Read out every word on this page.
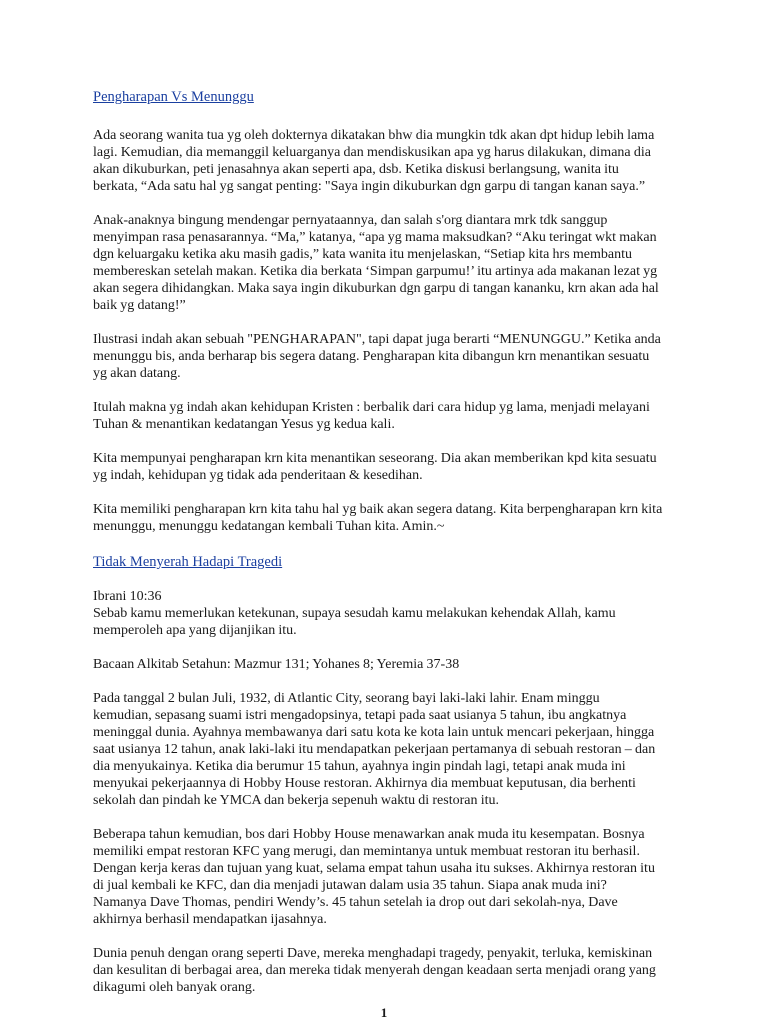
Pengharapan Vs Menunggu

Ada seorang wanita tua yg oleh dokternya dikatakan bhw dia mungkin tdk akan dpt hidup lebih lama
lagi. Kemudian, dia memanggil keluarganya dan mendiskusikan apa yg harus dilakukan, dimana dia
akan dikuburkan, peti jenasahnya akan seperti apa, dsb. Ketika diskusi berlangsung, wanita itu
berkata, “Ada satu hal yg sangat penting: "Saya ingin dikuburkan dgn garpu di tangan kanan saya.”

Anak-anaknya bingung mendengar pernyataannya, dan salah s'org diantara mrk tdk sanggup
menyimpan rasa penasarannya. “Ma,” katanya, “apa yg mama maksudkan? “Aku teringat wkt makan
dgn keluargaku ketika aku masih gadis,” kata wanita itu menjelaskan, “Setiap kita hrs membantu
membereskan setelah makan. Ketika dia berkata ‘Simpan garpumu!’ itu artinya ada makanan lezat yg
akan segera dihidangkan. Maka saya ingin dikuburkan dgn garpu di tangan kananku, krn akan ada hal
baik yg datang!”

Ilustrasi indah akan sebuah "PENGHARAPAN", tapi dapat juga berarti “MENUNGGU.” Ketika anda
menunggu bis, anda berharap bis segera datang. Pengharapan kita dibangun krn menantikan sesuatu
yg akan datang.

Itulah makna yg indah akan kehidupan Kristen : berbalik dari cara hidup yg lama, menjadi melayani
Tuhan & menantikan kedatangan Yesus yg kedua kali.

Kita mempunyai pengharapan krn kita menantikan seseorang. Dia akan memberikan kpd kita sesuatu
yg indah, kehidupan yg tidak ada penderitaan & kesedihan.

Kita memiliki pengharapan krn kita tahu hal yg baik akan segera datang. Kita berpengharapan krn kita
menunggu, menunggu kedatangan kembali Tuhan kita. Amin.~

Tidak Menyerah Hadapi Tragedi

Ibrani 10:36
Sebab kamu memerlukan ketekunan, supaya sesudah kamu melakukan kehendak Allah, kamu
memperoleh apa yang dijanjikan itu.

Bacaan Alkitab Setahun: Mazmur 131; Yohanes 8; Yeremia 37-38

Pada tanggal 2 bulan Juli, 1932, di Atlantic City, seorang bayi laki-laki lahir. Enam minggu
kemudian, sepasang suami istri mengadopsinya, tetapi pada saat usianya 5 tahun, ibu angkatnya
meninggal dunia. Ayahnya membawanya dari satu kota ke kota lain untuk mencari pekerjaan, hingga
saat usianya 12 tahun, anak laki-laki itu mendapatkan pekerjaan pertamanya di sebuah restoran – dan
dia menyukainya. Ketika dia berumur 15 tahun, ayahnya ingin pindah lagi, tetapi anak muda ini
menyukai pekerjaannya di Hobby House restoran. Akhirnya dia membuat keputusan, dia berhenti
sekolah dan pindah ke YMCA dan bekerja sepenuh waktu di restoran itu.

Beberapa tahun kemudian, bos dari Hobby House menawarkan anak muda itu kesempatan. Bosnya
memiliki empat restoran KFC yang merugi, dan memintanya untuk membuat restoran itu berhasil.
Dengan kerja keras dan tujuan yang kuat, selama empat tahun usaha itu sukses. Akhirnya restoran itu
di jual kembali ke KFC, dan dia menjadi jutawan dalam usia 35 tahun. Siapa anak muda ini?
Namanya Dave Thomas, pendiri Wendy’s. 45 tahun setelah ia drop out dari sekolah-nya, Dave
akhirnya berhasil mendapatkan ijasahnya.

Dunia penuh dengan orang seperti Dave, mereka menghadapi tragedy, penyakit, terluka, kemiskinan
dan kesulitan di berbagai area, dan mereka tidak menyerah dengan keadaan serta menjadi orang yang
dikagumi oleh banyak orang.

1
